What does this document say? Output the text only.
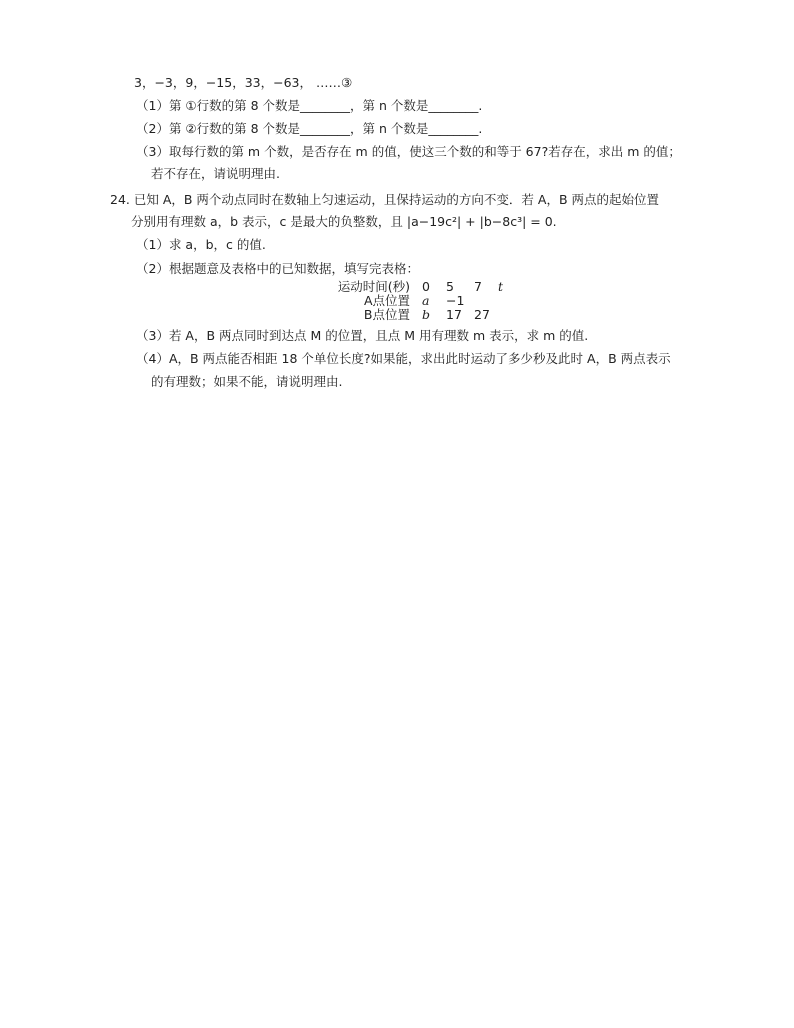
3，−3，9，−15，33，−63， ……③
（1）第 ①行数的第 8 个数是________，第 n 个数是________.
（2）第 ②行数的第 8 个数是________，第 n 个数是________.
（3）取每行数的第 m 个数，是否存在 m 的值，使这三个数的和等于 67?若存在，求出 m 的值；
若不存在，请说明理由.
24. 已知 A，B 两个动点同时在数轴上匀速运动，且保持运动的方向不变．若 A，B 两点的起始位置
分别用有理数 a，b 表示，c 是最大的负整数，且 |a−19c²| + |b−8c³| = 0.
（1）求 a，b，c 的值.
（2）根据题意及表格中的已知数据，填写完表格：
运动时间(秒) 0 5 7 t
A点位置 a −1
B点位置 b 17 27
（3）若 A，B 两点同时到达点 M 的位置，且点 M 用有理数 m 表示，求 m 的值.
（4）A，B 两点能否相距 18 个单位长度?如果能，求出此时运动了多少秒及此时 A，B 两点表示
的有理数；如果不能，请说明理由.
